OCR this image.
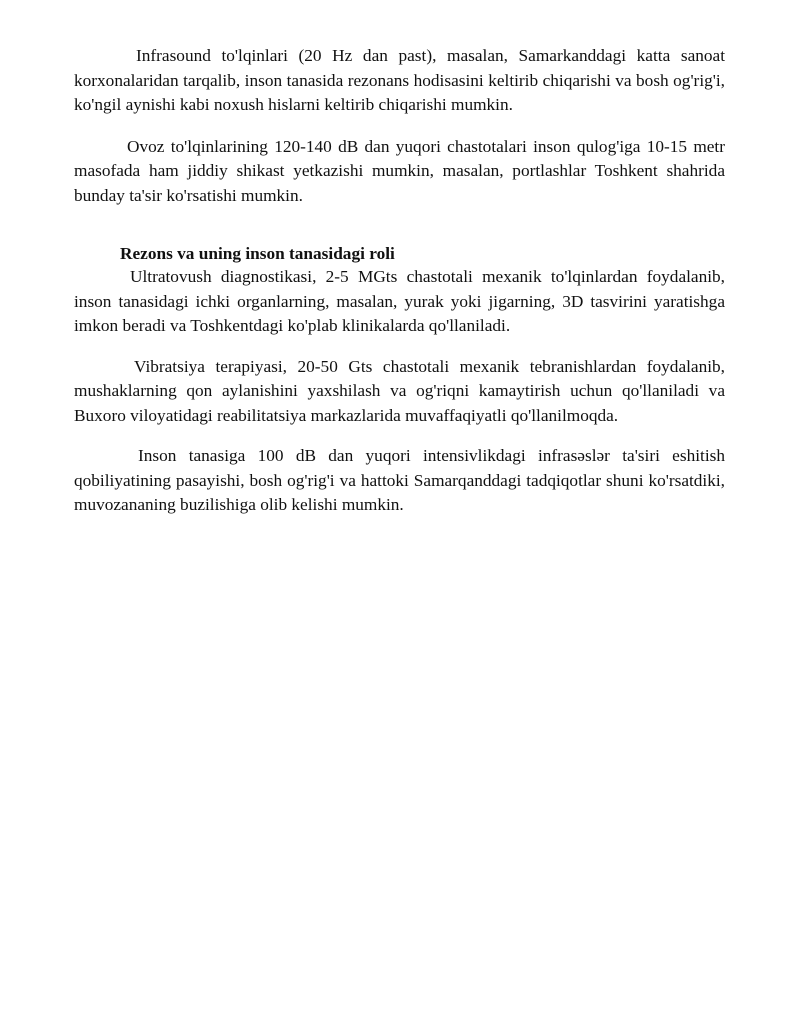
Infrasound to'lqinlari (20 Hz dan past), masalan, Samarkanddagi katta sanoat korxonalaridan tarqalib, inson tanasida rezonans hodisasini keltirib chiqarishi va bosh og'rig'i, ko'ngil aynishi kabi noxush hislarni keltirib chiqarishi mumkin.

Ovoz to'lqinlarining 120-140 dB dan yuqori chastotalari inson qulog'iga 10-15 metr masofada ham jiddiy shikast yetkazishi mumkin, masalan, portlashlar Toshkent shahrida bunday ta'sir ko'rsatishi mumkin.

Rezons va uning inson tanasidagi roli

Ultratovush diagnostikasi, 2-5 MGts chastotali mexanik to'lqinlardan foydalanib, inson tanasidagi ichki organlarning, masalan, yurak yoki jigarning, 3D tasvirini yaratishga imkon beradi va Toshkentdagi ko'plab klinikalarda qo'llaniladi.

Vibratsiya terapiyasi, 20-50 Gts chastotali mexanik tebranishlardan foydalanib, mushaklarning qon aylanishini yaxshilash va og'riqni kamaytirish uchun qo'llaniladi va Buxoro viloyatidagi reabilitatsiya markazlarida muvaffaqiyatli qo'llanilmoqda.

Inson tanasiga 100 dB dan yuqori intensivlikdagi infrasəslər ta'siri eshitish qobiliyatining pasayishi, bosh og'rig'i va hattoki Samarqanddagi tadqiqotlar shuni ko'rsatdiki, muvozananing buzilishiga olib kelishi mumkin.
